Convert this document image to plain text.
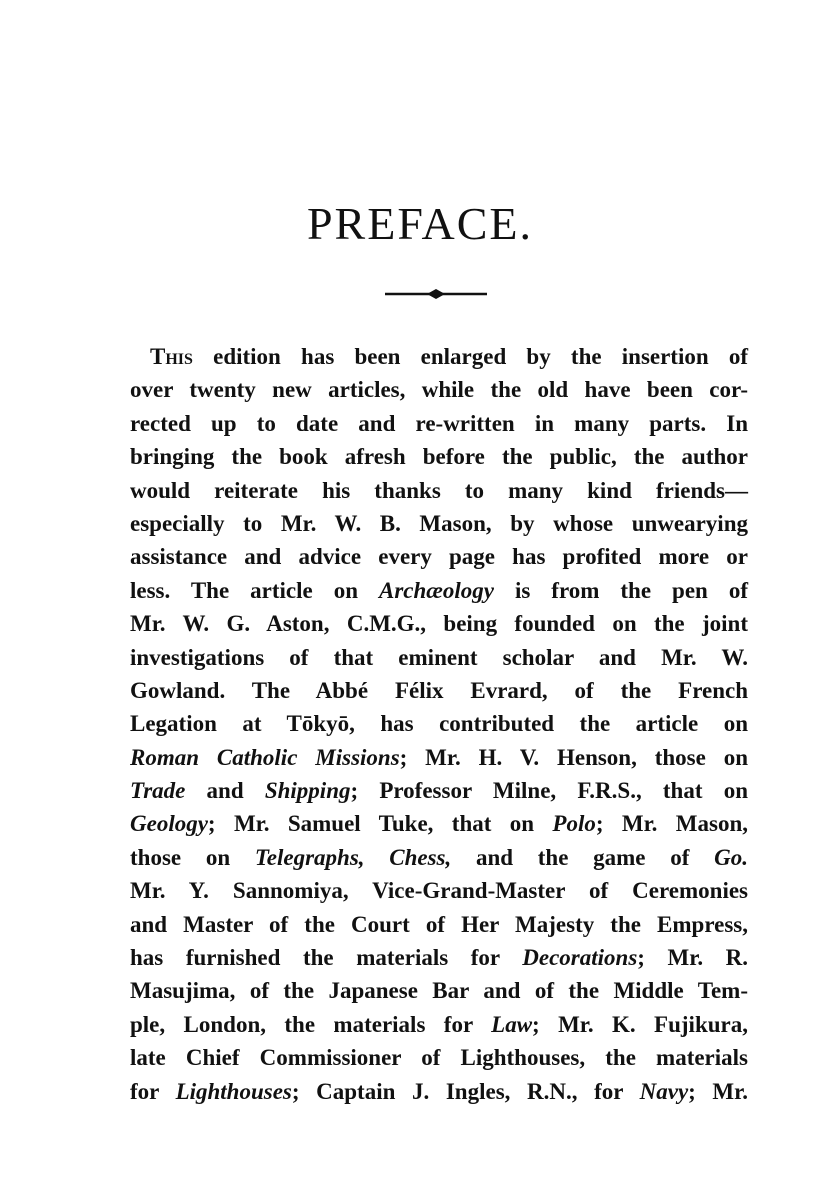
PREFACE.
This edition has been enlarged by the insertion of
over twenty new articles, while the old have been cor-
rected up to date and re-written in many parts. In
bringing the book afresh before the public, the author
would reiterate his thanks to many kind friends—
especially to Mr. W. B. Mason, by whose unwearying
assistance and advice every page has profited more or
less. The article on Archæology is from the pen of
Mr. W. G. Aston, C.M.G., being founded on the joint
investigations of that eminent scholar and Mr. W.
Gowland. The Abbé Félix Evrard, of the French
Legation at Tōkyō, has contributed the article on
Roman Catholic Missions; Mr. H. V. Henson, those on
Trade and Shipping; Professor Milne, F.R.S., that on
Geology; Mr. Samuel Tuke, that on Polo; Mr. Mason,
those on Telegraphs, Chess, and the game of Go.
Mr. Y. Sannomiya, Vice-Grand-Master of Ceremonies
and Master of the Court of Her Majesty the Empress,
has furnished the materials for Decorations; Mr. R.
Masujima, of the Japanese Bar and of the Middle Tem-
ple, London, the materials for Law; Mr. K. Fujikura,
late Chief Commissioner of Lighthouses, the materials
for Lighthouses; Captain J. Ingles, R.N., for Navy; Mr.
